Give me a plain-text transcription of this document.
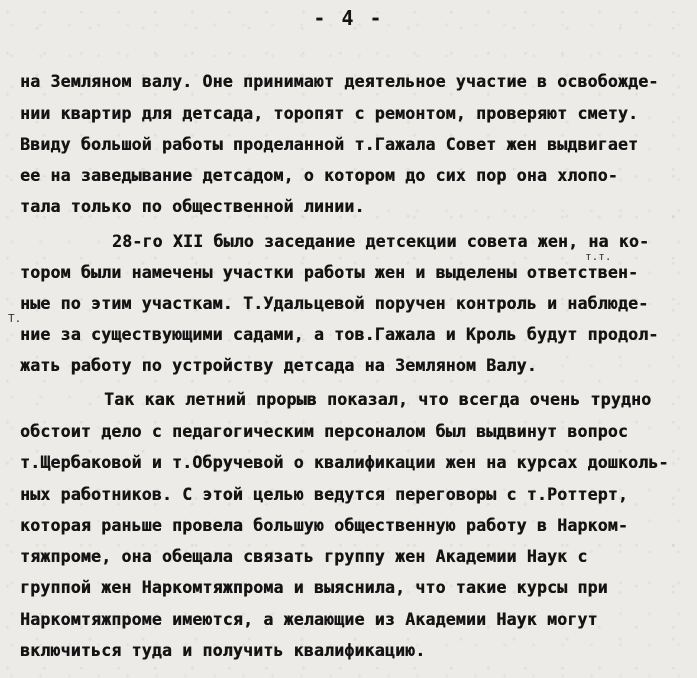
- 4 -
на Земляном валу. Оне принимают деятельное участие в освобожде-
нии квартир для детсада, торопят с ремонтом, проверяют смету.
Ввиду большой работы проделанной т.Гажала Совет жен выдвигает
ее на заведывание детсадом, о котором до сих пор она хлопо-
тала только по общественной линии.
28-го XII было заседание детсекции совета жен, на ко-
тором были намечены участки работы жен и выделены ответствен-
ные по этим участкам. Т.Удальцевой поручен контроль и наблюде-
ние за существующими садами, а тов.Гажала и Кроль будут продол-
жать работу по устройству детсада на Земляном Валу.
Так как летний прорыв показал, что всегда очень трудно
обстоит дело с педагогическим персоналом был выдвинут вопрос
т.Щербаковой и т.Обручевой о квалификации жен на курсах дошколь-
ных работников. С этой целью ведутся переговоры с т.Роттерт,
которая раньше провела большую общественную работу в Нарком-
тяжпроме, она обещала связать группу жен Академии Наук с
группой жен Наркомтяжпрома и выяснила, что такие курсы при
Наркомтяжпроме имеются, а желающие из Академии Наук могут
включиться туда и получить квалификацию.
т.т.
Т.
